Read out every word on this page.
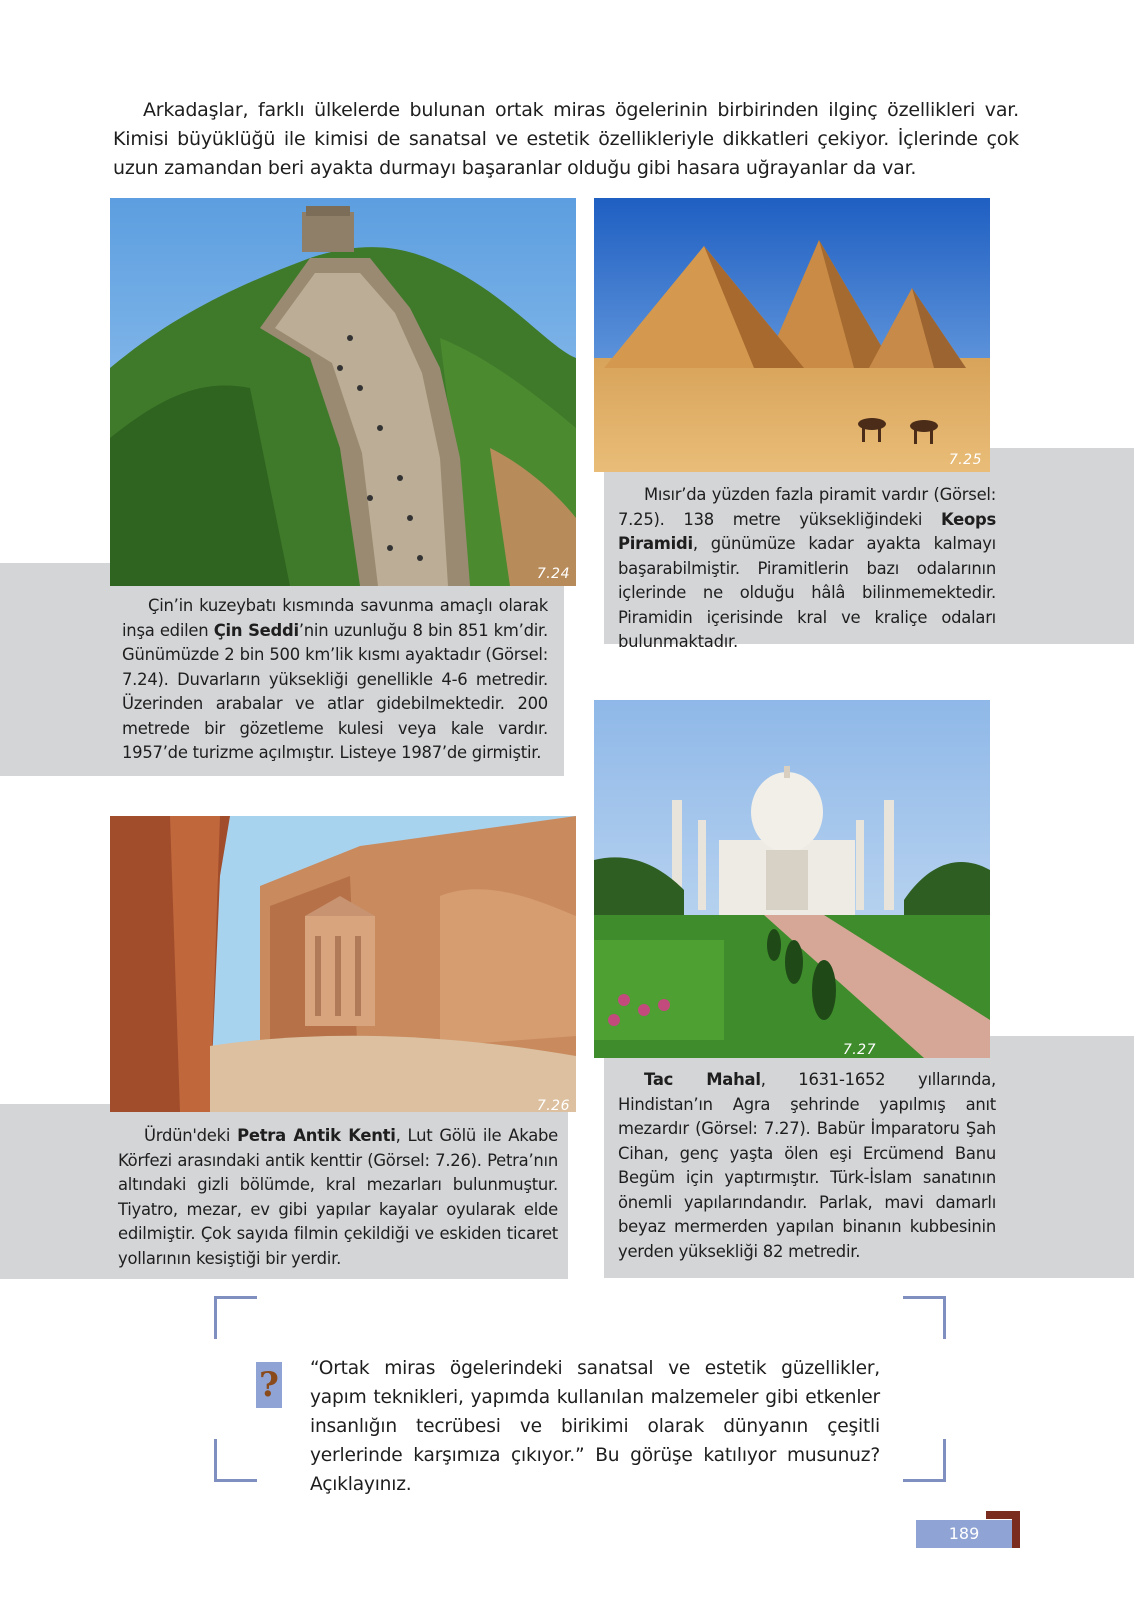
Arkadaşlar, farklı ülkelerde bulunan ortak miras ögelerinin birbirinden ilginç özellikleri var. Kimisi büyüklüğü ile kimisi de sanatsal ve estetik özellikleriyle dikkatleri çekiyor. İçlerinde çok uzun zamandan beri ayakta durmayı başaranlar olduğu gibi hasara uğrayanlar da var.

7.24
7.25
7.26
7.27

Çin’in kuzeybatı kısmında savunma amaçlı olarak inşa edilen Çin Seddi’nin uzunluğu 8 bin 851 km’dir. Günümüzde 2 bin 500 km’lik kısmı ayaktadır (Görsel: 7.24). Duvarların yüksekliği genellikle 4-6 metredir. Üzerinden arabalar ve atlar gidebilmektedir. 200 metrede bir gözetleme kulesi veya kale vardır. 1957’de turizme açılmıştır. Listeye 1987’de girmiştir.

Mısır’da yüzden fazla piramit vardır (Görsel: 7.25). 138 metre yüksekliğindeki Keops Piramidi, günümüze kadar ayakta kalmayı başarabilmiştir. Piramitlerin bazı odalarının içlerinde ne olduğu hâlâ bilinmemektedir. Piramidin içerisinde kral ve kraliçe odaları bulunmaktadır.

Ürdün'deki Petra Antik Kenti, Lut Gölü ile Akabe Körfezi arasındaki antik kenttir (Görsel: 7.26). Petra’nın altındaki gizli bölümde, kral mezarları bulunmuştur. Tiyatro, mezar, ev gibi yapılar kayalar oyularak elde edilmiştir. Çok sayıda filmin çekildiği ve eskiden ticaret yollarının kesiştiği bir yerdir.

Tac Mahal, 1631-1652 yıllarında, Hindistan’ın Agra şehrinde yapılmış anıt mezardır (Görsel: 7.27). Babür İmparatoru Şah Cihan, genç yaşta ölen eşi Ercümend Banu Begüm için yaptırmıştır. Türk-İslam sanatının önemli yapılarındandır. Parlak, mavi damarlı beyaz mermerden yapılan binanın kubbesinin yerden yüksekliği 82 metredir.

? “Ortak miras ögelerindeki sanatsal ve estetik güzellikler, yapım teknikleri, yapımda kullanılan malzemeler gibi etkenler insanlığın tecrübesi ve birikimi olarak dünyanın çeşitli yerlerinde karşımıza çıkıyor.” Bu görüşe katılıyor musunuz? Açıklayınız.

189
